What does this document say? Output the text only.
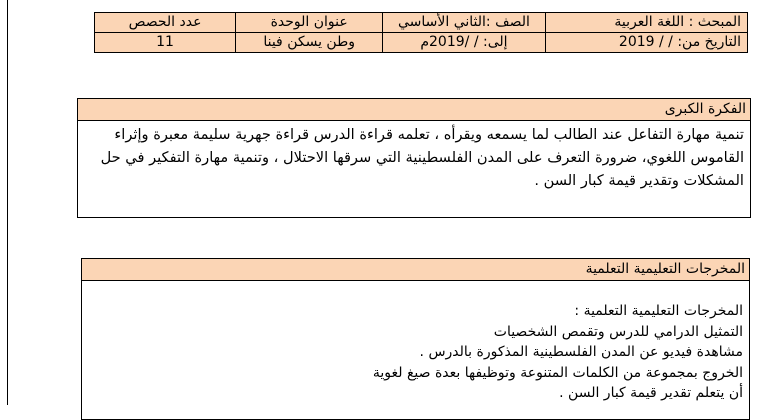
المبحث : اللغة العربية	الصف :الثاني الأساسي	عنوان الوحدة	عدد الحصص
التاريخ من: / / 2019	إلى: / /2019م	وطن يسكن فينا	11
الفكرة الكبرى
تنمية مهارة التفاعل عند الطالب لما يسمعه ويقرأه ، تعلمه قراءة الدرس قراءة جهرية سليمة معبرة وإثراء القاموس اللغوي، ضرورة التعرف على المدن الفلسطينية التي سرقها الاحتلال ، وتنمية مهارة التفكير في حل المشكلات وتقدير قيمة كبار السن .
المخرجات التعليمية التعلمية
المخرجات التعليمية التعلمية :
التمثيل الدرامي للدرس وتقمص الشخصيات
مشاهدة فيديو عن المدن الفلسطينية المذكورة بالدرس .
الخروج بمجموعة من الكلمات المتنوعة وتوظيفها بعدة صيغ لغوية
أن يتعلم تقدير قيمة كبار السن .
